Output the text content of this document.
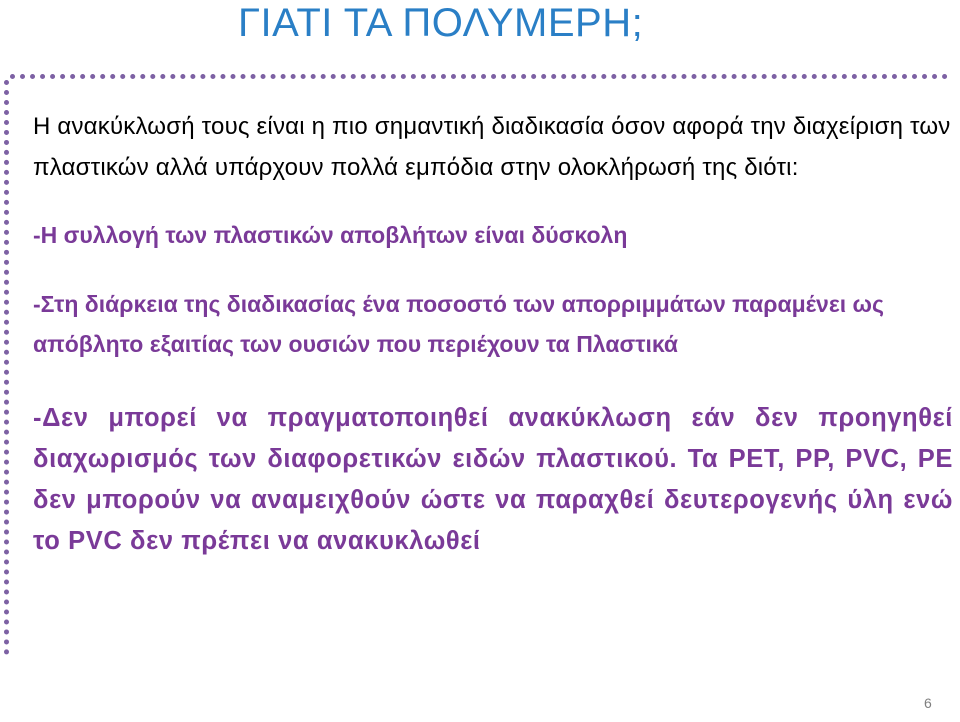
ΓΙΑΤΙ ΤΑ ΠΟΛΥΜΕΡΗ;

Η ανακύκλωσή τους είναι η πιο σημαντική διαδικασία όσον αφορά την διαχείριση των πλαστικών αλλά υπάρχουν πολλά εμπόδια στην ολοκλήρωσή της διότι:

-Η συλλογή των πλαστικών αποβλήτων είναι δύσκολη

-Στη διάρκεια της διαδικασίας ένα ποσοστό των απορριμμάτων παραμένει ως απόβλητο εξαιτίας των ουσιών που περιέχουν τα Πλαστικά

-Δεν μπορεί να πραγματοποιηθεί ανακύκλωση εάν δεν προηγηθεί διαχωρισμός των διαφορετικών ειδών πλαστικού. Τα PET, PP, PVC, PE δεν μπορούν να αναμειχθούν ώστε να παραχθεί δευτερογενής ύλη ενώ το PVC δεν πρέπει να ανακυκλωθεί

6
